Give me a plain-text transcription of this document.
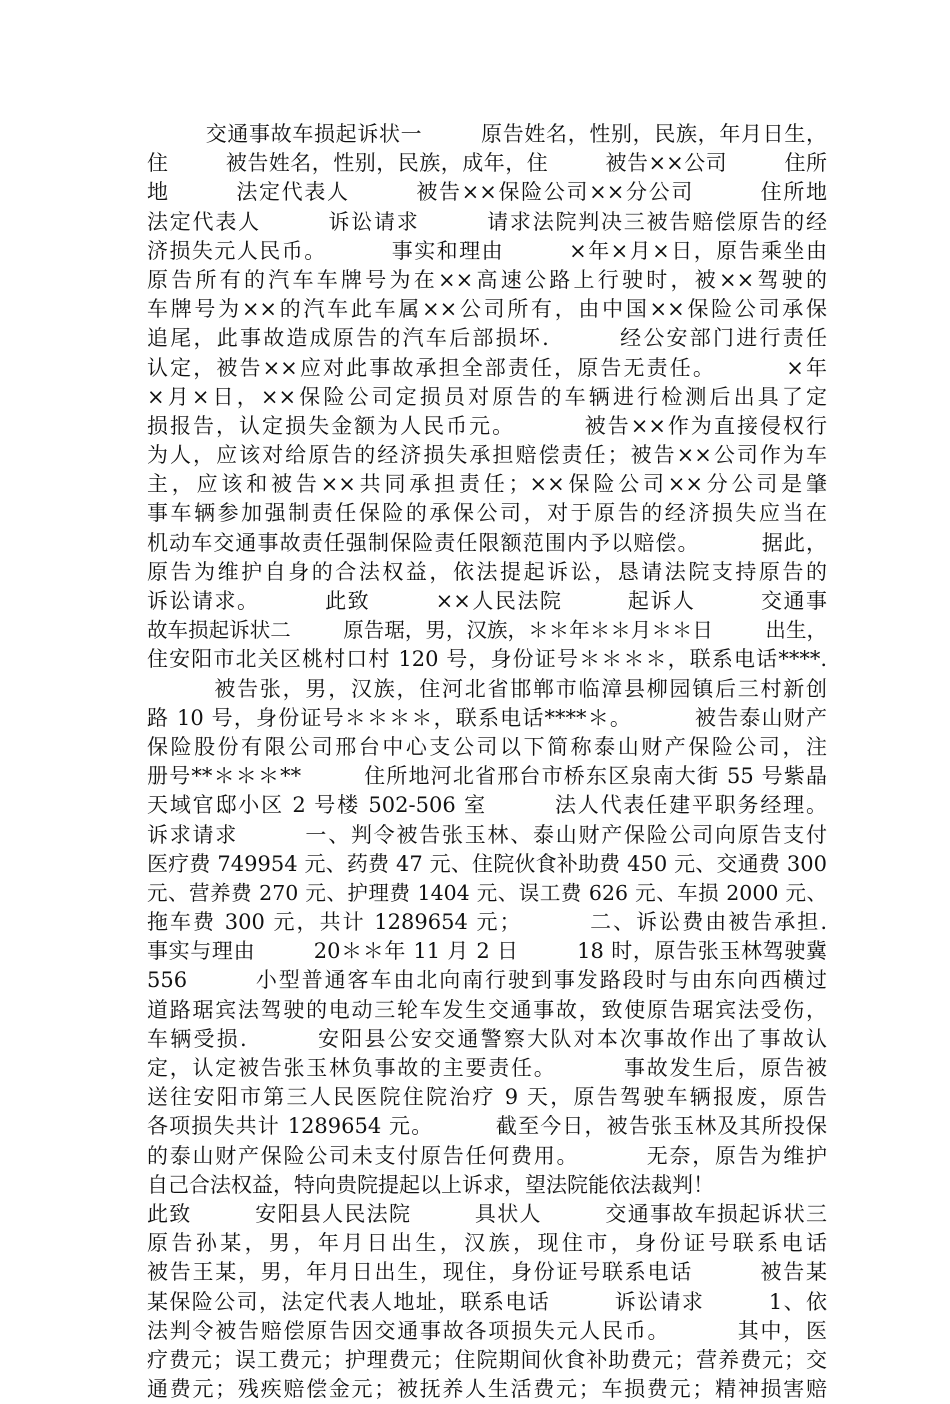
交通事故车损起诉状一        原告姓名，性别，民族，年月日生，
住        被告姓名，性别，民族，成年，住        被告××公司        住所
地        法定代表人        被告××保险公司××分公司        住所地
法定代表人        诉讼请求        请求法院判决三被告赔偿原告的经
济损失元人民币。        事实和理由        ×年×月×日，原告乘坐由
原告所有的汽车车牌号为在××高速公路上行驶时，被××驾驶的
车牌号为××的汽车此车属××公司所有，由中国××保险公司承保
追尾，此事故造成原告的汽车后部损坏.        经公安部门进行责任
认定，被告××应对此事故承担全部责任，原告无责任。        ×年
×月×日，××保险公司定损员对原告的车辆进行检测后出具了定
损报告，认定损失金额为人民币元。        被告××作为直接侵权行
为人，应该对给原告的经济损失承担赔偿责任；被告××公司作为车
主，应该和被告××共同承担责任；××保险公司××分公司是肇
事车辆参加强制责任保险的承保公司，对于原告的经济损失应当在
机动车交通事故责任强制保险责任限额范围内予以赔偿。        据此，
原告为维护自身的合法权益，依法提起诉讼，恳请法院支持原告的
诉讼请求。        此致        ××人民法院        起诉人        交通事
故车损起诉状二        原告琚，男，汉族，＊＊年＊＊月＊＊日        出生，
住安阳市北关区桃村口村 120 号，身份证号＊＊＊＊，联系电话****.
被告张，男，汉族，住河北省邯郸市临漳县柳园镇后三村新创
路 10 号，身份证号＊＊＊＊，联系电话****＊。        被告泰山财产
保险股份有限公司邢台中心支公司以下简称泰山财产保险公司，注
册号**＊＊＊**        住所地河北省邢台市桥东区泉南大街 55 号紫晶
天域官邸小区 2 号楼 502-506 室        法人代表任建平职务经理。
诉求请求        一、判令被告张玉林、泰山财产保险公司向原告支付
医疗费 749954 元、药费 47 元、住院伙食补助费 450 元、交通费 300
元、营养费 270 元、护理费 1404 元、误工费 626 元、车损 2000 元、
拖车费 300 元，共计 1289654 元；        二、诉讼费由被告承担.
事实与理由        20＊＊年 11 月 2 日        18 时，原告张玉林驾驶冀
556        小型普通客车由北向南行驶到事发路段时与由东向西横过
道路琚宾法驾驶的电动三轮车发生交通事故，致使原告琚宾法受伤，
车辆受损.        安阳县公安交通警察大队对本次事故作出了事故认
定，认定被告张玉林负事故的主要责任。        事故发生后，原告被
送往安阳市第三人民医院住院治疗 9 天，原告驾驶车辆报废，原告
各项损失共计 1289654 元。        截至今日，被告张玉林及其所投保
的泰山财产保险公司未支付原告任何费用。        无奈，原告为维护
自己合法权益，特向贵院提起以上诉求，望法院能依法裁判！
此致        安阳县人民法院        具状人        交通事故车损起诉状三
原告孙某，男，年月日出生，汉族，现住市，身份证号联系电话
被告王某，男，年月日出生，现住，身份证号联系电话        被告某
某保险公司，法定代表人地址，联系电话        诉讼请求        1、依
法判令被告赔偿原告因交通事故各项损失元人民币。        其中，医
疗费元；误工费元；护理费元；住院期间伙食补助费元；营养费元；交
通费元；残疾赔偿金元；被抚养人生活费元；车损费元；精神损害赔
